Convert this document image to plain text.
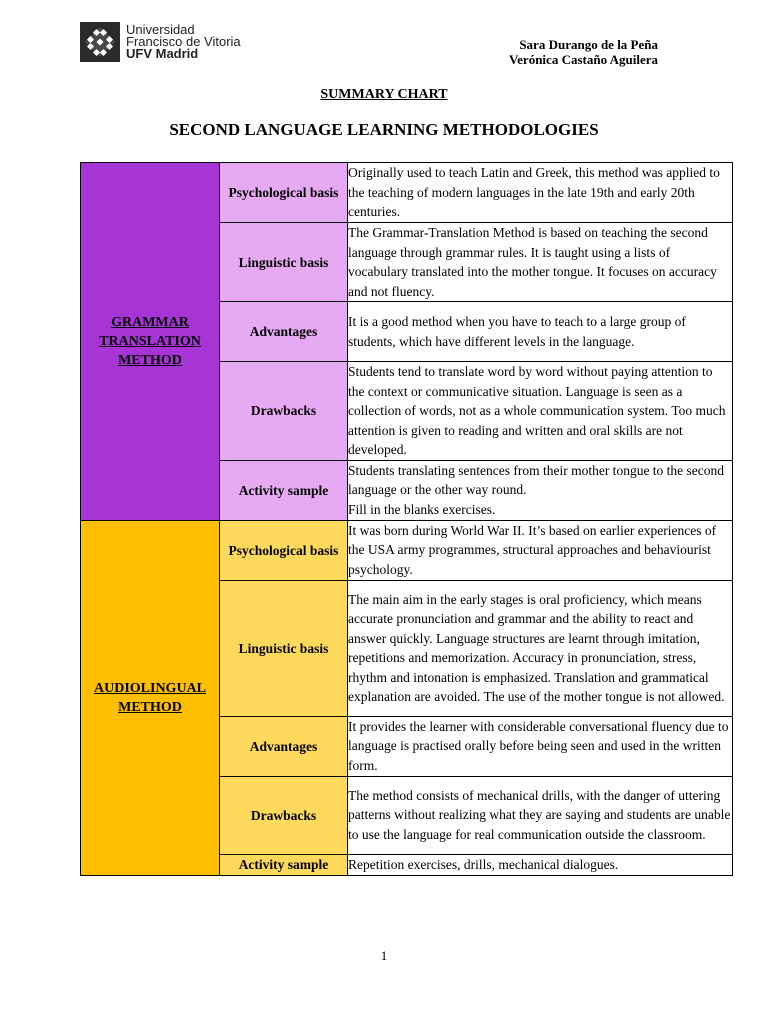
Universidad
Francisco de Vitoria
UFV Madrid
Sara Durango de la Peña
Verónica Castaño Aguilera
SUMMARY CHART
SECOND LANGUAGE LEARNING METHODOLOGIES
GRAMMAR TRANSLATION METHOD	Psychological basis	Originally used to teach Latin and Greek, this method was applied to the teaching of modern languages in the late 19th and early 20th centuries.
	Linguistic basis	The Grammar-Translation Method is based on teaching the second language through grammar rules. It is taught using a lists of vocabulary translated into the mother tongue. It focuses on accuracy and not fluency.
	Advantages	It is a good method when you have to teach to a large group of students, which have different levels in the language.
	Drawbacks	Students tend to translate word by word without paying attention to the context or communicative situation. Language is seen as a collection of words, not as a whole communication system. Too much attention is given to reading and written and oral skills are not developed.
	Activity sample	Students translating sentences from their mother tongue to the second language or the other way round.
Fill in the blanks exercises.

AUDIOLINGUAL METHOD	Psychological basis	It was born during World War II. It’s based on earlier experiences of the USA army programmes, structural approaches and behaviourist psychology.
	Linguistic basis	The main aim in the early stages is oral proficiency, which means accurate pronunciation and grammar and the ability to react and answer quickly. Language structures are learnt through imitation, repetitions and memorization. Accuracy in pronunciation, stress, rhythm and intonation is emphasized. Translation and grammatical explanation are avoided. The use of the mother tongue is not allowed.
	Advantages	It provides the learner with considerable conversational fluency due to language is practised orally before being seen and used in the written form.
	Drawbacks	The method consists of mechanical drills, with the danger of uttering patterns without realizing what they are saying and students are unable to use the language for real communication outside the classroom.
	Activity sample	Repetition exercises, drills, mechanical dialogues.
1
